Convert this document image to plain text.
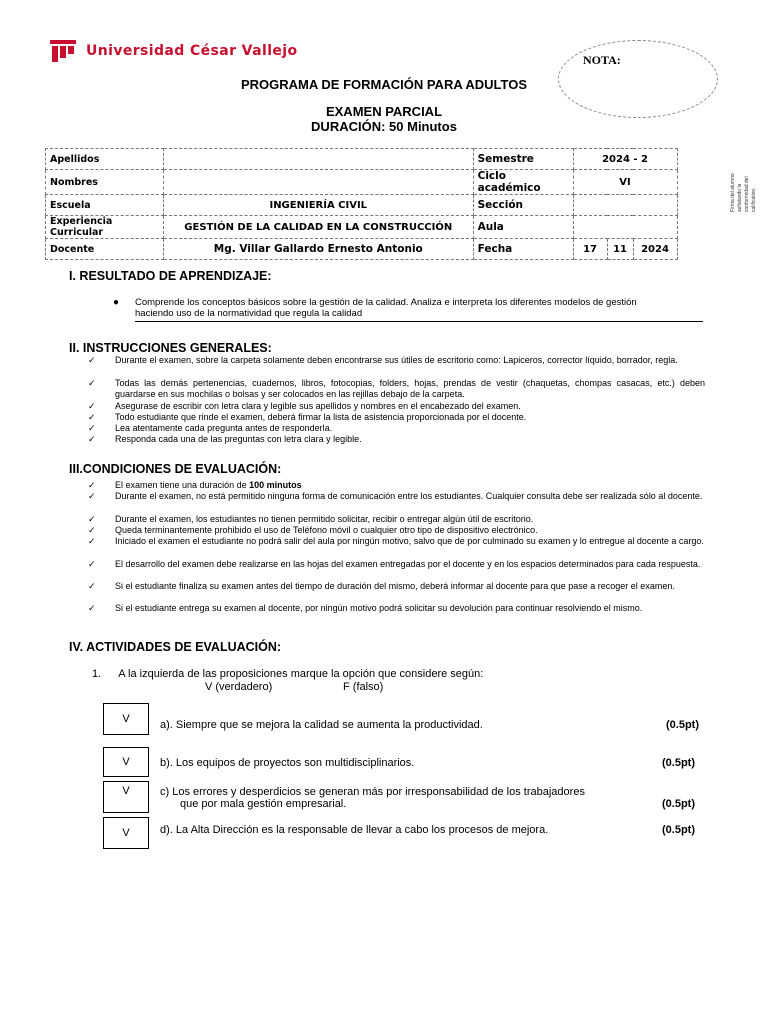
Universidad César Vallejo
NOTA:
PROGRAMA DE FORMACIÓN PARA ADULTOS
EXAMEN PARCIAL
DURACIÓN: 50 Minutos
Apellidos		Semestre	2024 - 2			
Nombres		Ciclo académico	VI			
Escuela	INGENIERÍA CIVIL	Sección				
Experiencia Curricular	GESTIÓN DE LA CALIDAD EN LA CONSTRUCCIÓN	Aula				
Docente	Mg. Villar Gallardo Ernesto Antonio	Fecha	17	11	2024	
Firma del alumno señalando la conformidad del calificativo.
I. RESULTADO DE APRENDIZAJE:
● Comprende los conceptos básicos sobre la gestión de la calidad. Analiza e interpreta los diferentes modelos de gestión
haciendo uso de la normatividad que regula la calidad
II. INSTRUCCIONES GENERALES:
✓ Durante el examen, sobre la carpeta solamente deben encontrarse sus útiles de escritorio como: Lapiceros, corrector líquido, borrador, regla.
✓ Todas las demás pertenencias, cuadernos, libros, fotocopias, folders, hojas, prendas de vestir (chaquetas, chompas casacas, etc.) deben guardarse en sus mochilas o bolsas y ser colocados en las rejillas debajo de la carpeta.
✓ Asegurase de escribir con letra clara y legible sus apellidos y nombres en el encabezado del examen.
✓ Todo estudiante que rinde el examen, deberá firmar la lista de asistencia proporcionada por el docente.
✓ Lea atentamente cada pregunta antes de responderla.
✓ Responda cada una de las preguntas con letra clara y legible.
III.CONDICIONES DE EVALUACIÓN:
✓ El examen tiene una duración de 100 minutos
✓ Durante el examen, no está permitido ninguna forma de comunicación entre los estudiantes. Cualquier consulta debe ser realizada sólo al docente.
✓ Durante el examen, los estudiantes no tienen permitido solicitar, recibir o entregar algún útil de escritorio.
✓ Queda terminantemente prohibido el uso de Teléfono móvil o cualquier otro tipo de dispositivo electrónico.
✓ Iniciado el examen el estudiante no podrá salir del aula por ningún motivo, salvo que de por culminado su examen y lo entregue al docente a cargo.
✓ El desarrollo del examen debe realizarse en las hojas del examen entregadas por el docente y en los espacios determinados para cada respuesta.
✓ Si el estudiante finaliza su examen antes del tiempo de duración del mismo, deberá informar al docente para que pase a recoger el examen.
✓ Si el estudiante entrega su examen al docente, por ningún motivo podrá solicitar su devolución para continuar resolviendo el mismo.
IV. ACTIVIDADES DE EVALUACIÓN:
1. A la izquierda de las proposiciones marque la opción que considere según:
V (verdadero)	F (falso)
V	a). Siempre que se mejora la calidad se aumenta la productividad.	(0.5pt)
V	b). Los equipos de proyectos son multidisciplinarios.	(0.5pt)
V	c) Los errores y desperdicios se generan más por irresponsabilidad de los trabajadores
que por mala gestión empresarial.	(0.5pt)
V	d). La Alta Dirección es la responsable de llevar a cabo los procesos de mejora.	(0.5pt)
